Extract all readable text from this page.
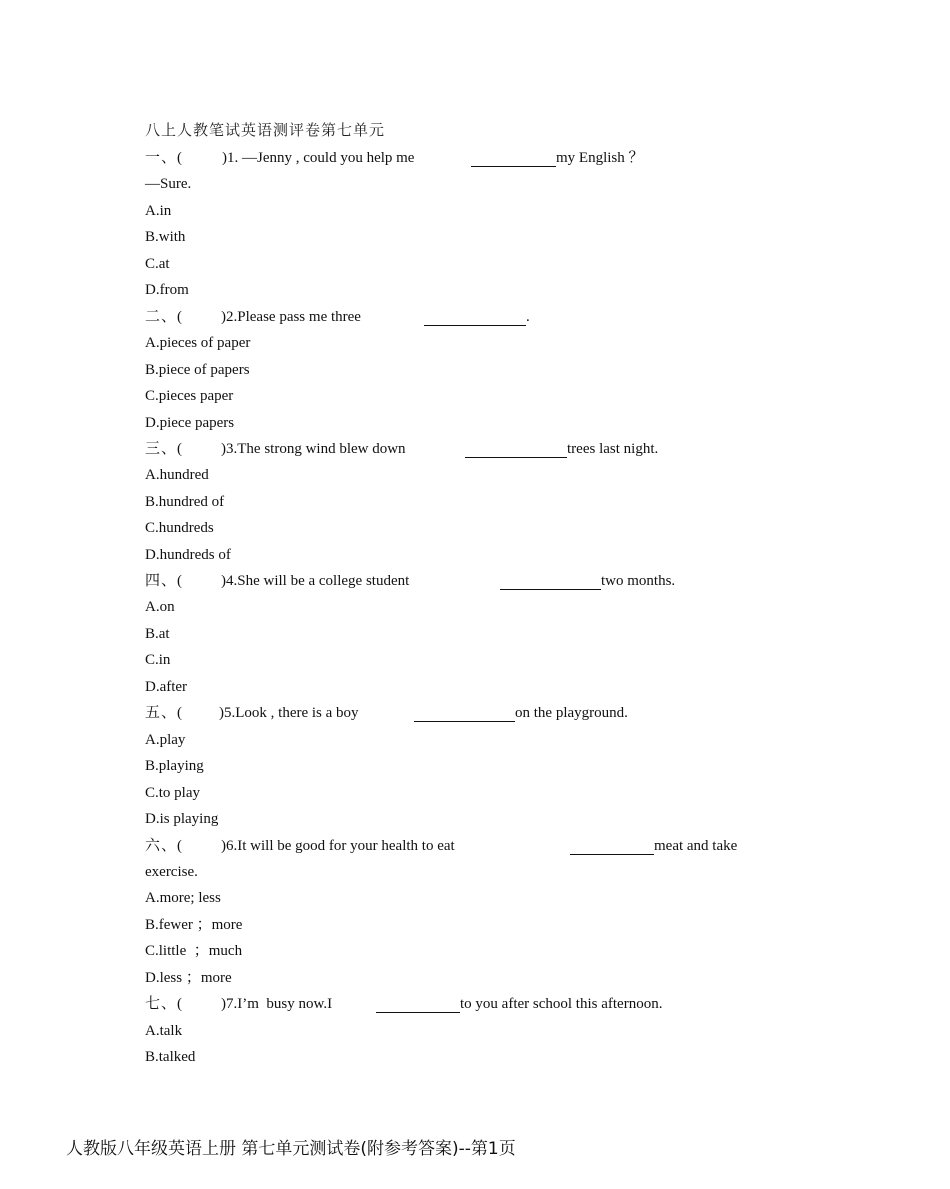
八上人教笔试英语测评卷第七单元
一、(	)1. —Jenny , could you help me	my English ？
—Sure.
A.in
B.with
C.at
D.from
二、(	)2.Please pass me three	.
A.pieces of paper
B.piece of papers
C.pieces paper
D.piece papers
三、(	)3.The strong wind blew down	trees last night.
A.hundred
B.hundred of
C.hundreds
D.hundreds of
四、(	)4.She will be a college student	two months.
A.on
B.at
C.in
D.after
五、( )5.Look , there is a boy	on the playground.
A.play
B.playing
C.to play
D.is playing
六、(	)6.It will be good for your health to eat	meat and take
exercise.
A.more; less
B.fewer ；more
C.little  ；much
D.less ；more
七、(	)7.I’m  busy now.I	to you after school this afternoon.
A.talk
B.talked
人教版八年级英语上册 第七单元测试卷(附参考答案)--第1页
